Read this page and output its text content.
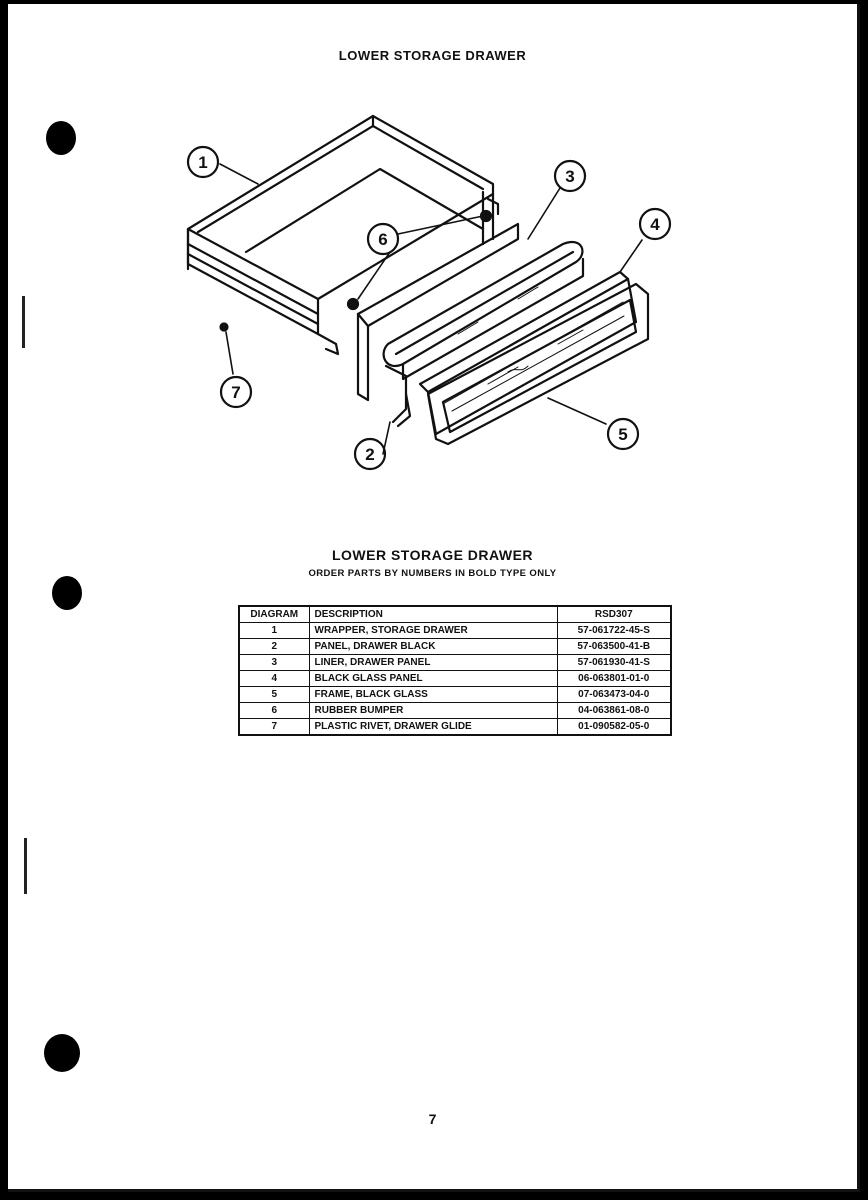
LOWER STORAGE DRAWER
1
2
3
4
5
6
7
LOWER STORAGE DRAWER
ORDER PARTS BY NUMBERS IN BOLD TYPE ONLY
DIAGRAM	DESCRIPTION	RSD307
1	WRAPPER, STORAGE DRAWER	57-061722-45-S
2	PANEL, DRAWER BLACK	57-063500-41-B
3	LINER, DRAWER PANEL	57-061930-41-S
4	BLACK GLASS PANEL	06-063801-01-0
5	FRAME, BLACK GLASS	07-063473-04-0
6	RUBBER BUMPER	04-063861-08-0
7	PLASTIC RIVET, DRAWER GLIDE	01-090582-05-0
7
